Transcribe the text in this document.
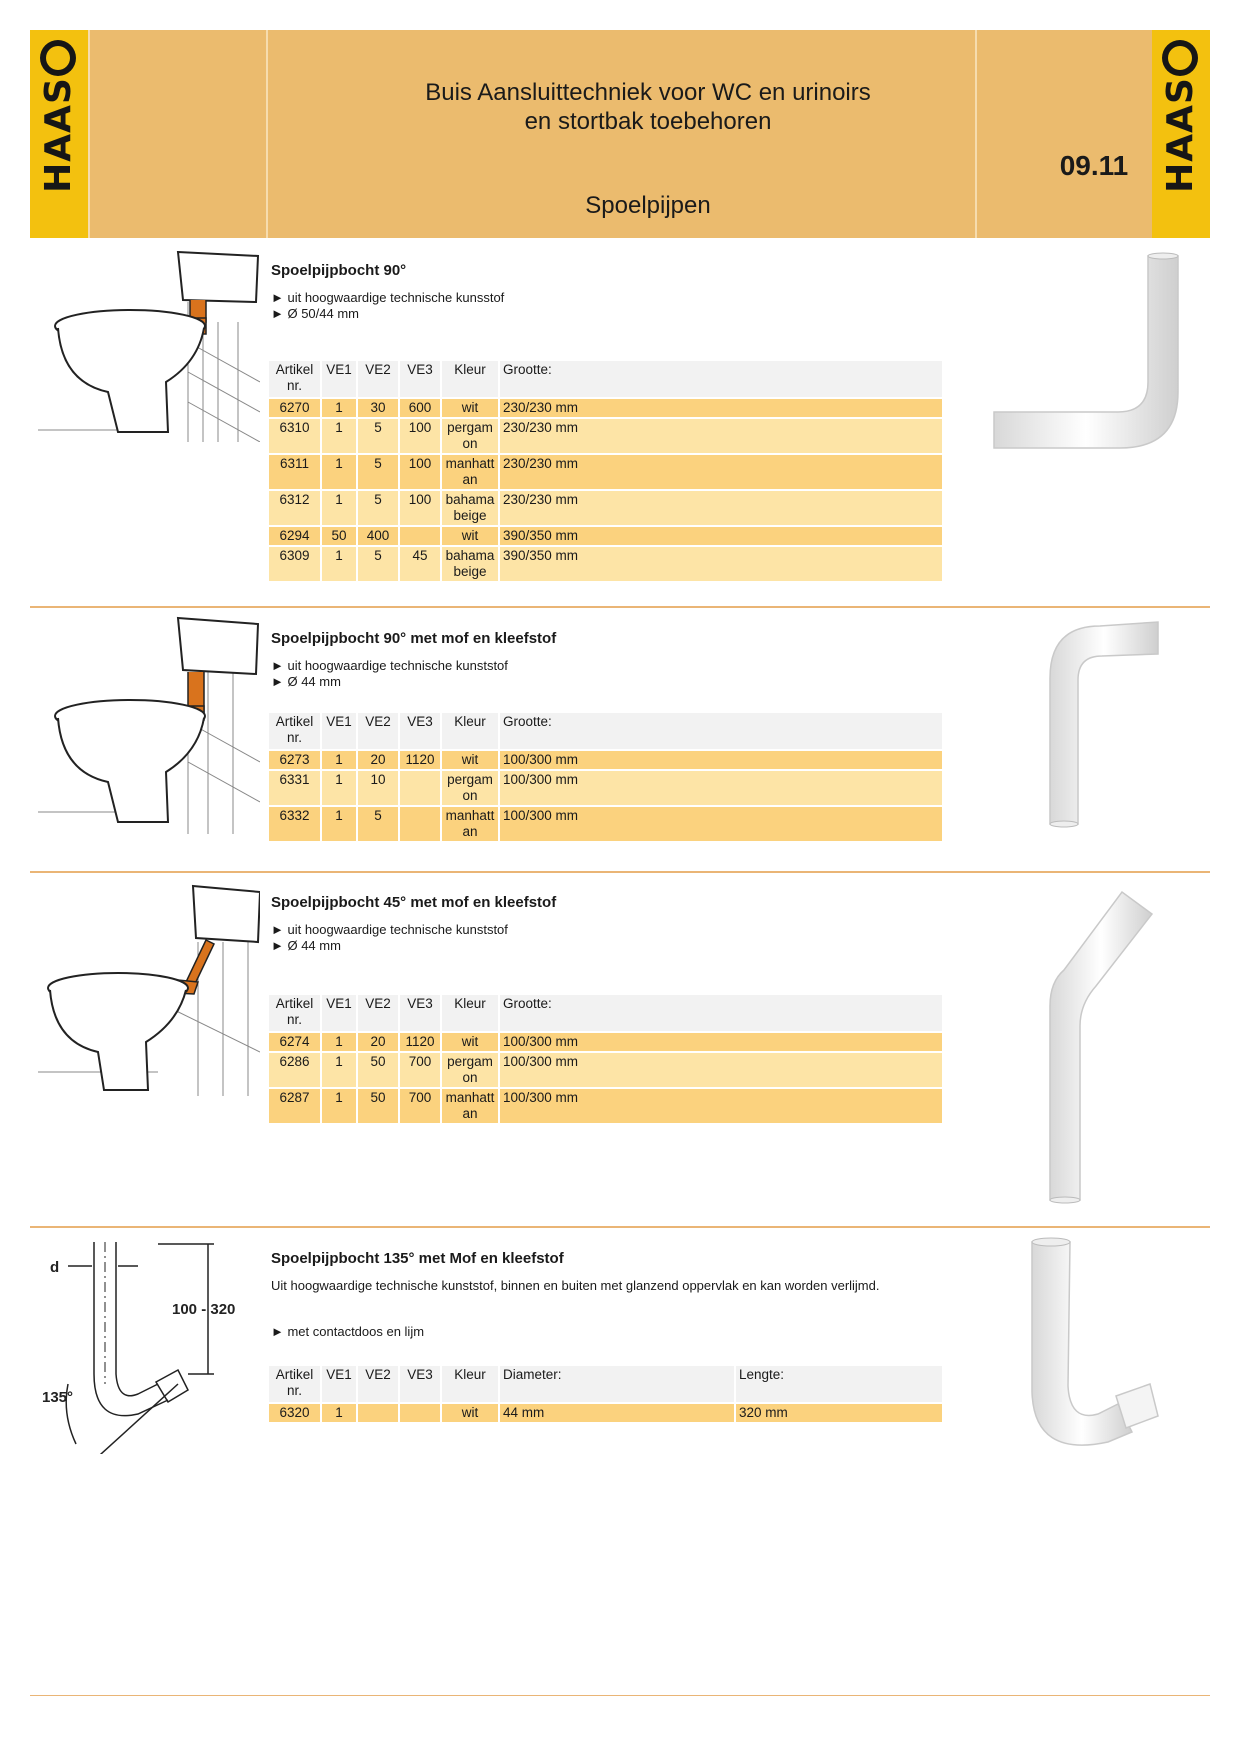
HAAS	Buis Aansluittechniek voor WC en urinoirs
en stortbak toebehoren
Spoelpijpen
09.11 HAAS
Spoelpijpbocht 90°
► uit hoogwaardige technische kunsstof
► Ø 50/44 mm
Artikel nr.	VE1	VE2	VE3	Kleur	Grootte:
6270	1	30	600	wit	230/230 mm
6310	1	5	100	pergam on	230/230 mm
6311	1	5	100	manhatt an	230/230 mm
6312	1	5	100	bahama beige	230/230 mm
6294	50	400		wit	390/350 mm
6309	1	5	45	bahama beige	390/350 mm
Spoelpijpbocht 90° met mof en kleefstof
► uit hoogwaardige technische kunststof
► Ø 44 mm
Artikel nr.	VE1	VE2	VE3	Kleur	Grootte:
6273	1	20	1120	wit	100/300 mm
6331	1	10		pergam on	100/300 mm
6332	1	5		manhatt an	100/300 mm
Spoelpijpbocht 45° met mof en kleefstof
► uit hoogwaardige technische kunststof
► Ø 44 mm
Artikel nr.	VE1	VE2	VE3	Kleur	Grootte:
6274	1	20	1120	wit	100/300 mm
6286	1	50	700	pergam on	100/300 mm
6287	1	50	700	manhatt an	100/300 mm
d
100 - 320
135°
Spoelpijpbocht 135° met Mof en kleefstof
Uit hoogwaardige technische kunststof, binnen en buiten met glanzend oppervlak en kan worden verlijmd.
► met contactdoos en lijm
Artikel nr.	VE1	VE2	VE3	Kleur	Diameter:	Lengte:
6320	1			wit	44 mm	320 mm
